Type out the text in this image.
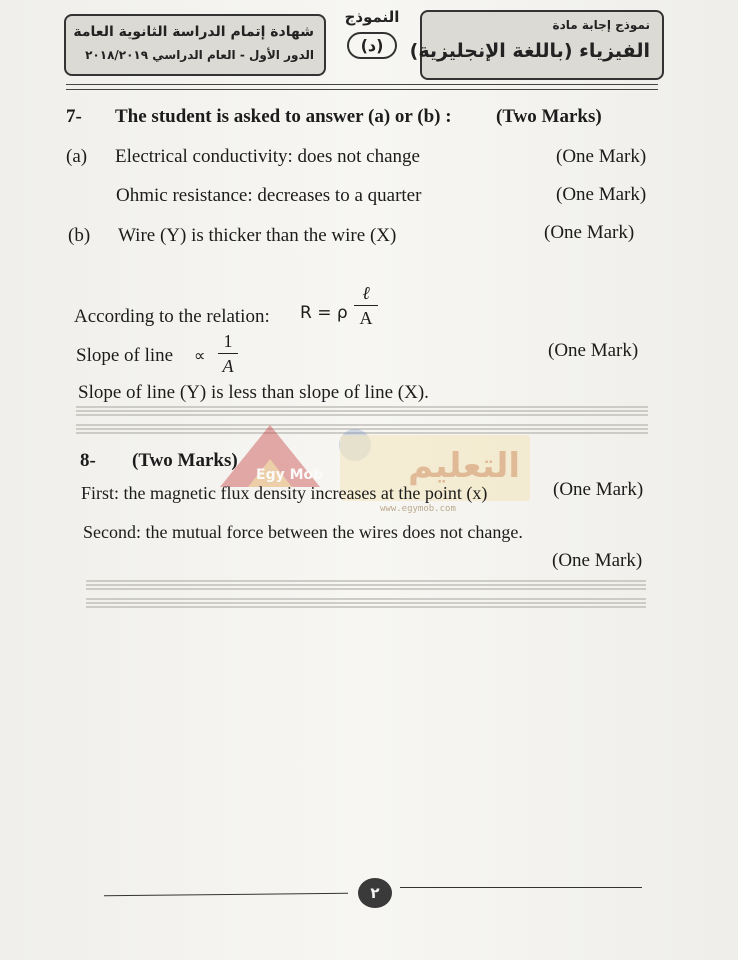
شهادة إتمام الدراسة الثانوية العامة
الدور الأول - العام الدراسي ٢٠١٨/٢٠١٩
النموذج
(د)
نموذج إجابة مادة
الفيزياء (باللغة الإنجليزية)
7- The student is asked to answer (a) or (b) : (Two Marks)
(a) Electrical conductivity: does not change	(One Mark)
Ohmic resistance: decreases to a quarter	(One Mark)
(b) Wire (Y) is thicker than the wire (X)	(One Mark)
According to the relation: R = ρ
ℓ
A
Slope of line ∝
1
A
(One Mark)
Slope of line (Y) is less than slope of line (X).
التعليم
Egy Mob
www.egymob.com
8- (Two Marks)
First: the magnetic flux density increases at the point (x)	(One Mark)
Second: the mutual force between the wires does not change.
(One Mark)
٢
